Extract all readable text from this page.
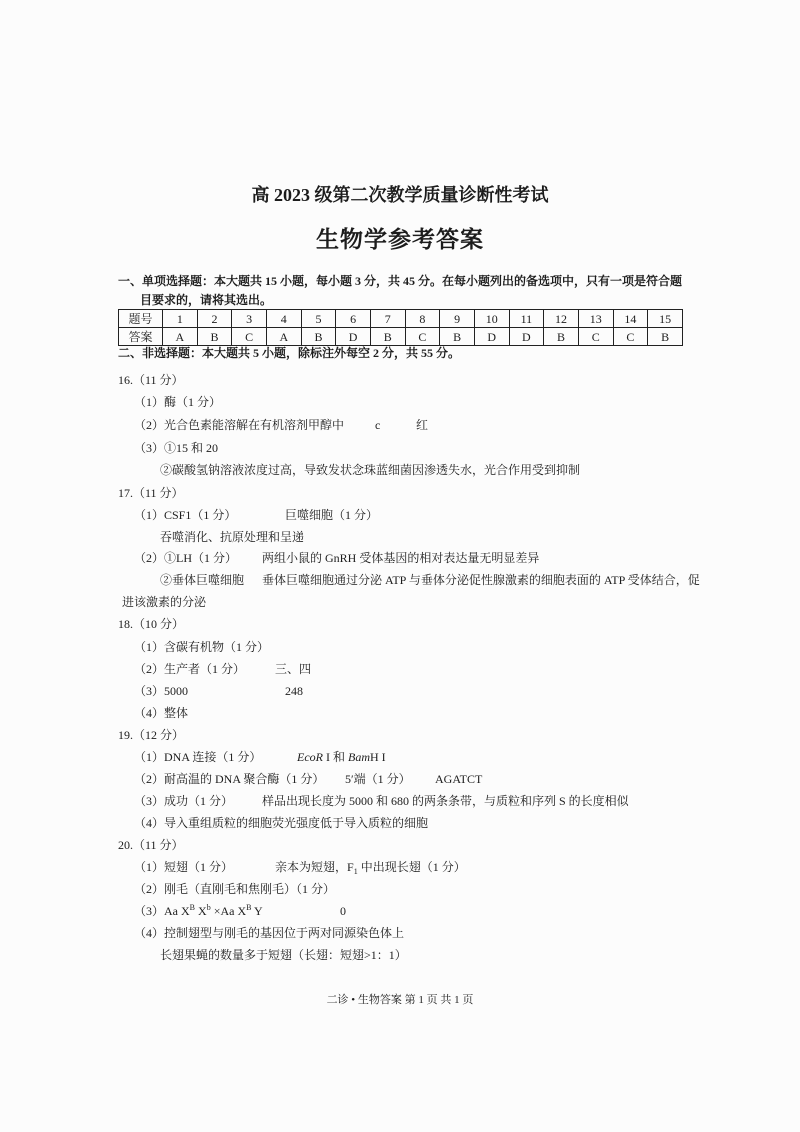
高 2023 级第二次教学质量诊断性考试
生物学参考答案
一、单项选择题：本大题共 15 小题，每小题 3 分，共 45 分。在每小题列出的备选项中，只有一项是符合题
目要求的，请将其选出。
题号	1	2	3	4	5	6	7	8	9	10	11	12	13	14	15
答案	A	B	C	A	B	D	B	C	B	D	D	B	C	C	B
二、非选择题：本大题共 5 小题，除标注外每空 2 分，共 55 分。
16.（11 分）
（1）酶（1 分）
（2）光合色素能溶解在有机溶剂甲醇中	c	红
（3）①15 和 20
②碳酸氢钠溶液浓度过高，导致发状念珠蓝细菌因渗透失水，光合作用受到抑制
17.（11 分）
（1）CSF1（1 分）	巨噬细胞（1 分）
吞噬消化、抗原处理和呈递
（2）①LH（1 分） 两组小鼠的 GnRH 受体基因的相对表达量无明显差异
②垂体巨噬细胞 垂体巨噬细胞通过分泌 ATP 与垂体分泌促性腺激素的细胞表面的 ATP 受体结合，促
进该激素的分泌
18.（10 分）
（1）含碳有机物（1 分）
（2）生产者（1 分） 三、四
（3）5000	248
（4）整体
19.（12 分）
（1）DNA 连接（1 分）	EcoR I 和 BamH I
（2）耐高温的 DNA 聚合酶（1 分） 5′端（1 分） AGATCT
（3）成功（1 分） 样品出现长度为 5000 和 680 的两条条带，与质粒和序列 S 的长度相似
（4）导入重组质粒的细胞荧光强度低于导入质粒的细胞
20.（11 分）
（1）短翅（1 分）	亲本为短翅，$F_1$ 中出现长翅（1 分）
（2）刚毛（直刚毛和焦刚毛）（1 分）
（3）Aa $X^B$ $X^b \times Aa$ $X^B$ Y	0
（4）控制翅型与刚毛的基因位于两对同源染色体上
长翅果蝇的数量多于短翅（长翅：短翅>1：1）
二诊 • 生物答案 第 1 页 共 1 页
